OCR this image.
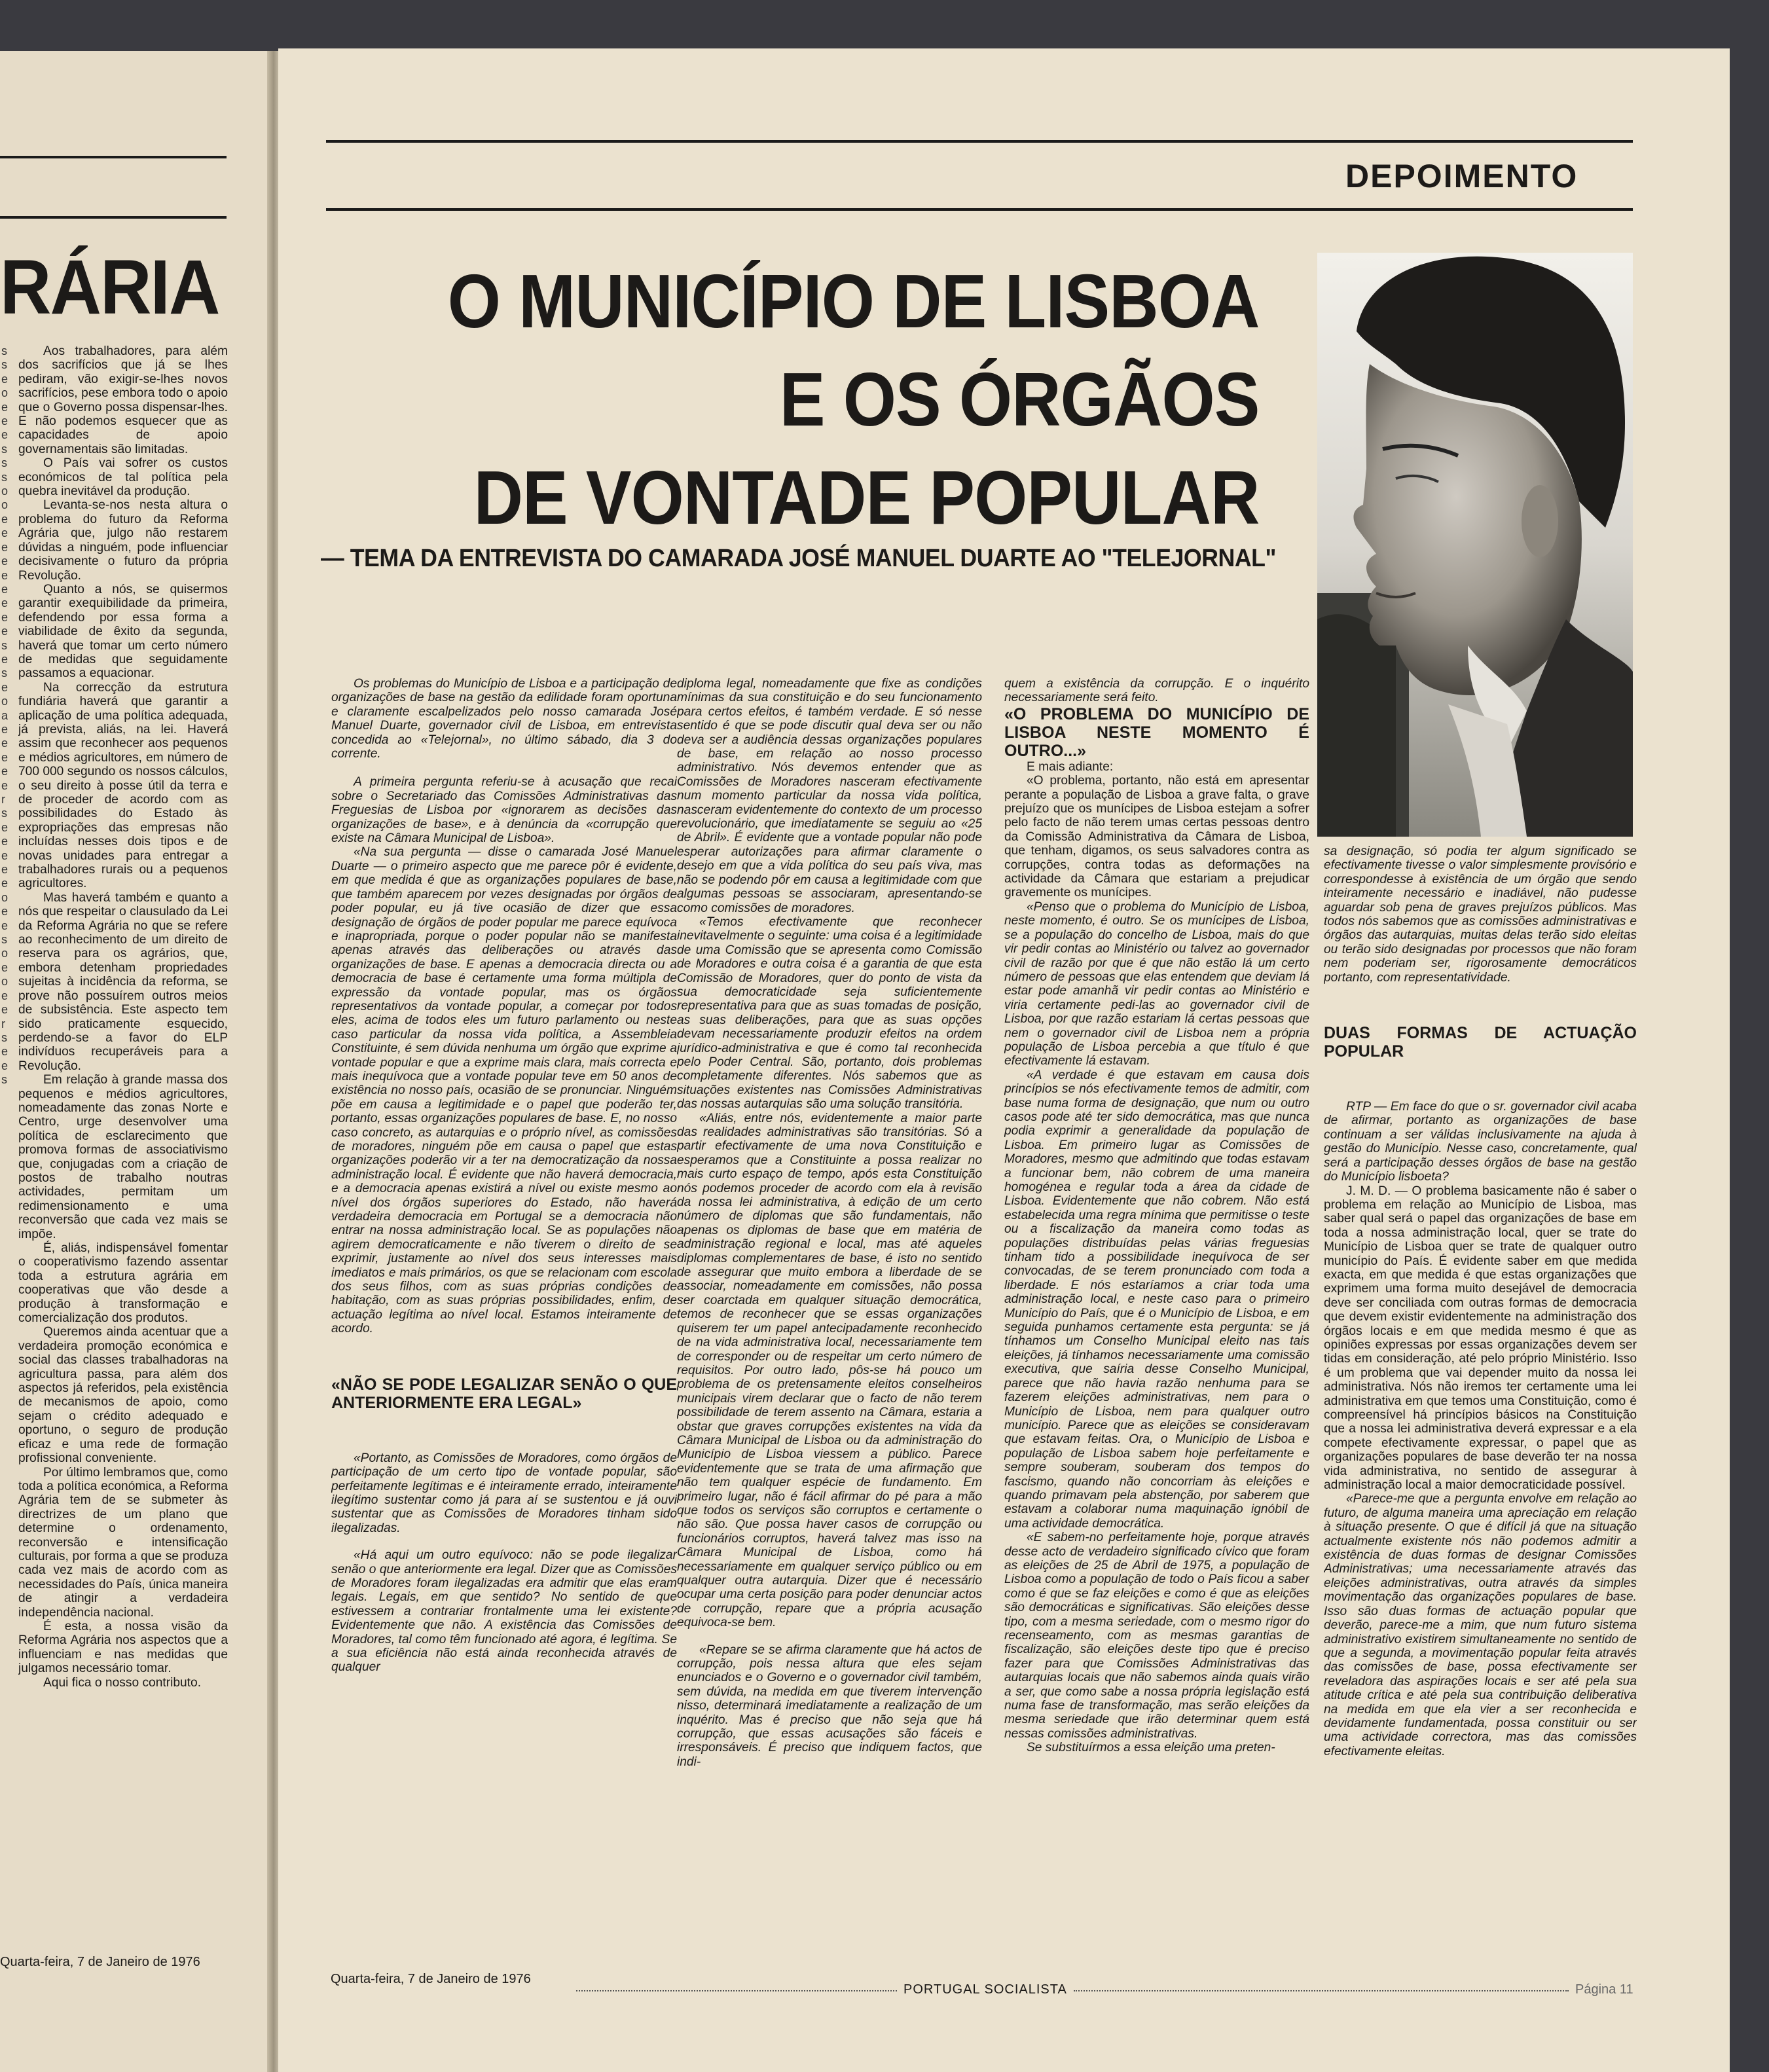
RÁRIA
s
s
e
o
e
e
e
s
s
s
o
o
e
e
e
e
e
e
e
e
e
s
e
s
e
o
a
e
e
e
e
e
r
s
e
e
e
e
e
o
e
e
s
o
e
o
e
e
r
s
e
e
s

Aos trabalhadores, para além dos sacrifícios que já se lhes pediram, vão exigir-se-lhes novos sacrifícios, pese embora todo o apoio que o Governo possa dispensar-lhes. E não podemos esquecer que as capacidades de apoio governamentais são limitadas.

O País vai sofrer os custos económicos de tal política pela quebra inevitável da produção.

Levanta-se-nos nesta altura o problema do futuro da Reforma Agrária que, julgo não restarem dúvidas a ninguém, pode influenciar decisivamente o futuro da própria Revolução.

Quanto a nós, se quisermos garantir exequibilidade da primeira, defendendo por essa forma a viabilidade de êxito da segunda, haverá que tomar um certo número de medidas que seguidamente passamos a equacionar.

Na correcção da estrutura fundiária haverá que garantir a aplicação de uma política adequada, já prevista, aliás, na lei. Haverá assim que reconhecer aos pequenos e médios agricultores, em número de 700 000 segundo os nossos cálculos, o seu direito à posse útil da terra e de proceder de acordo com as possibilidades do Estado às expropriações das empresas não incluídas nesses dois tipos e de novas unidades para entregar a trabalhadores rurais ou a pequenos agricultores.

Mas haverá também e quanto a nós que respeitar o clausulado da Lei da Reforma Agrária no que se refere ao reconhecimento de um direito de reserva para os agrários, que, embora detenham propriedades sujeitas à incidência da reforma, se prove não possuírem outros meios de subsistência. Este aspecto tem sido praticamente esquecido, perdendo-se a favor do ELP indivíduos recuperáveis para a Revolução.

Em relação à grande massa dos pequenos e médios agricultores, nomeadamente das zonas Norte e Centro, urge desenvolver uma política de esclarecimento que promova formas de associativismo que, conjugadas com a criação de postos de trabalho noutras actividades, permitam um redimensionamento e uma reconversão que cada vez mais se impõe.

É, aliás, indispensável fomentar o cooperativismo fazendo assentar toda a estrutura agrária em cooperativas que vão desde a produção à transformação e comercialização dos produtos.

Queremos ainda acentuar que a verdadeira promoção económica e social das classes trabalhadoras na agricultura passa, para além dos aspectos já referidos, pela existência de mecanismos de apoio, como sejam o crédito adequado e oportuno, o seguro de produção eficaz e uma rede de formação profissional conveniente.

Por último lembramos que, como toda a política económica, a Reforma Agrária tem de se submeter às directrizes de um plano que determine o ordenamento, reconversão e intensificação culturais, por forma a que se produza cada vez mais de acordo com as necessidades do País, única maneira de atingir a verdadeira independência nacional.

É esta, a nossa visão da Reforma Agrária nos aspectos que a influenciam e nas medidas que julgamos necessário tomar.

Aqui fica o nosso contributo.

Quarta-feira, 7 de Janeiro de 1976
DEPOIMENTO
O MUNICÍPIO DE LISBOA
E OS ÓRGÃOS
DE VONTADE POPULAR
— TEMA DA ENTREVISTA DO CAMARADA JOSÉ MANUEL DUARTE AO "TELEJORNAL"

Os problemas do Município de Lisboa e a participação de organizações de base na gestão da edilidade foram oportuna e claramente escalpelizados pelo nosso camarada José Manuel Duarte, governador civil de Lisboa, em entrevista concedida ao «Telejornal», no último sábado, dia 3 do corrente.

A primeira pergunta referiu-se à acusação que recai sobre o Secretariado das Comissões Administrativas das Freguesias de Lisboa por «ignorarem as decisões das organizações de base», e à denúncia da «corrupção que existe na Câmara Municipal de Lisboa».

«Na sua pergunta — disse o camarada José Manuel Duarte — o primeiro aspecto que me parece pôr é evidente, em que medida é que as organizações populares de base, que também aparecem por vezes designadas por órgãos de poder popular, eu já tive ocasião de dizer que essa designação de órgãos de poder popular me parece equívoca e inapropriada, porque o poder popular não se manifesta apenas através das deliberações ou através das organizações de base. E apenas a democracia directa ou a democracia de base é certamente uma forma múltipla de expressão da vontade popular, mas os órgãos representativos da vontade popular, a começar por todos eles, acima de todos eles um futuro parlamento ou neste caso particular da nossa vida política, a Assembleia Constituinte, é sem dúvida nenhuma um órgão que exprime a vontade popular e que a exprime mais clara, mais correcta e mais inequívoca que a vontade popular teve em 50 anos de existência no nosso país, ocasião de se pronunciar. Ninguém põe em causa a legitimidade e o papel que poderão ter, portanto, essas organizações populares de base. E, no nosso caso concreto, as autarquias e o próprio nível, as comissões de moradores, ninguém põe em causa o papel que estas organizações poderão vir a ter na democratização da nossa administração local. É evidente que não haverá democracia, e a democracia apenas existirá a nível ou existe mesmo ao nível dos órgãos superiores do Estado, não haverá verdadeira democracia em Portugal se a democracia não entrar na nossa administração local. Se as populações não agirem democraticamente e não tiverem o direito de se exprimir, justamente ao nível dos seus interesses mais imediatos e mais primários, os que se relacionam com escola dos seus filhos, com as suas próprias condições de habitação, com as suas próprias possibilidades, enfim, de actuação legítima ao nível local. Estamos inteiramente de acordo.

«NÃO SE PODE LEGALIZAR SENÃO O QUE ANTERIORMENTE ERA LEGAL»

«Portanto, as Comissões de Moradores, como órgãos de participação de um certo tipo de vontade popular, são perfeitamente legítimas e é inteiramente errado, inteiramente ilegítimo sustentar como já para aí se sustentou e já ouvi sustentar que as Comissões de Moradores tinham sido ilegalizadas.

«Há aqui um outro equívoco: não se pode ilegalizar senão o que anteriormente era legal. Dizer que as Comissões de Moradores foram ilegalizadas era admitir que elas eram legais. Legais, em que sentido? No sentido de que estivessem a contrariar frontalmente uma lei existente? Evidentemente que não. A existência das Comissões de Moradores, tal como têm funcionado até agora, é legítima. Se a sua eficiência não está ainda reconhecida através de qualquer

diploma legal, nomeadamente que fixe as condições mínimas da sua constituição e do seu funcionamento para certos efeitos, é também verdade. E só nesse sentido é que se pode discutir qual deva ser ou não deva ser a audiência dessas organizações populares de base, em relação ao nosso processo administrativo. Nós devemos entender que as Comissões de Moradores nasceram efectivamente num momento particular da nossa vida política, nasceram evidentemente do contexto de um processo revolucionário, que imediatamente se seguiu ao «25 de Abril». É evidente que a vontade popular não pode esperar autorizações para afirmar claramente o desejo em que a vida política do seu país viva, mas não se podendo pôr em causa a legitimidade com que algumas pessoas se associaram, apresentando-se como comissões de moradores.

«Temos efectivamente que reconhecer inevitavelmente o seguinte: uma coisa é a legitimidade de uma Comissão que se apresenta como Comissão de Moradores e outra coisa é a garantia de que esta Comissão de Moradores, quer do ponto de vista da sua democraticidade seja suficientemente representativa para que as suas tomadas de posição, as suas deliberações, para que as suas opções devam necessariamente produzir efeitos na ordem jurídico-administrativa e que é como tal reconhecida pelo Poder Central. São, portanto, dois problemas completamente diferentes. Nós sabemos que as situações existentes nas Comissões Administrativas das nossas autarquias são uma solução transitória.

«Aliás, entre nós, evidentemente a maior parte das realidades administrativas são transitórias. Só a partir efectivamente de uma nova Constituição e esperamos que a Constituinte a possa realizar no mais curto espaço de tempo, após esta Constituição nós podemos proceder de acordo com ela à revisão da nossa lei administrativa, à edição de um certo número de diplomas que são fundamentais, não apenas os diplomas de base que em matéria de administração regional e local, mas até aqueles diplomas complementares de base, é isto no sentido de assegurar que muito embora a liberdade de se associar, nomeadamente em comissões, não possa ser coarctada em qualquer situação democrática, temos de reconhecer que se essas organizações quiserem ter um papel antecipadamente reconhecido de na vida administrativa local, necessariamente tem de corresponder ou de respeitar um certo número de requisitos. Por outro lado, pôs-se há pouco um problema de os pretensamente eleitos conselheiros municipais virem declarar que o facto de não terem possibilidade de terem assento na Câmara, estaria a obstar que graves corrupções existentes na vida da Câmara Municipal de Lisboa ou da administração do Município de Lisboa viessem a público. Parece evidentemente que se trata de uma afirmação que não tem qualquer espécie de fundamento. Em primeiro lugar, não é fácil afirmar do pé para a mão que todos os serviços são corruptos e certamente o não são. Que possa haver casos de corrupção ou funcionários corruptos, haverá talvez mas isso na Câmara Municipal de Lisboa, como há necessariamente em qualquer serviço público ou em qualquer outra autarquia. Dizer que é necessário ocupar uma certa posição para poder denunciar actos de corrupção, repare que a própria acusação equivoca-se bem.

«Repare se se afirma claramente que há actos de corrupção, pois nessa altura que eles sejam enunciados e o Governo e o governador civil também, sem dúvida, na medida em que tiverem intervenção nisso, determinará imediatamente a realização de um inquérito. Mas é preciso que não seja que há corrupção, que essas acusações são fáceis e irresponsáveis. É preciso que indiquem factos, que indi-

quem a existência da corrupção. E o inquérito necessariamente será feito.

«O PROBLEMA DO MUNICÍPIO DE LISBOA NESTE MOMENTO É OUTRO...»

E mais adiante:

«O problema, portanto, não está em apresentar perante a população de Lisboa a grave falta, o grave prejuízo que os munícipes de Lisboa estejam a sofrer pelo facto de não terem umas certas pessoas dentro da Comissão Administrativa da Câmara de Lisboa, que tenham, digamos, os seus salvadores contra as corrupções, contra todas as deformações na actividade da Câmara que estariam a prejudicar gravemente os munícipes.

«Penso que o problema do Município de Lisboa, neste momento, é outro. Se os munícipes de Lisboa, se a população do concelho de Lisboa, mais do que vir pedir contas ao Ministério ou talvez ao governador civil de razão por que é que não estão lá um certo número de pessoas que elas entendem que deviam lá estar pode amanhã vir pedir contas ao Ministério e viria certamente pedi-las ao governador civil de Lisboa, por que razão estariam lá certas pessoas que nem o governador civil de Lisboa nem a própria população de Lisboa percebia a que título é que efectivamente lá estavam.

«A verdade é que estavam em causa dois princípios se nós efectivamente temos de admitir, com base numa forma de designação, que num ou outro casos pode até ter sido democrática, mas que nunca podia exprimir a generalidade da população de Lisboa. Em primeiro lugar as Comissões de Moradores, mesmo que admitindo que todas estavam a funcionar bem, não cobrem de uma maneira homogénea e regular toda a área da cidade de Lisboa. Evidentemente que não cobrem. Não está estabelecida uma regra mínima que permitisse o teste ou a fiscalização da maneira como todas as populações distribuídas pelas várias freguesias tinham tido a possibilidade inequívoca de ser convocadas, de se terem pronunciado com toda a liberdade. E nós estaríamos a criar toda uma administração local, e neste caso para o primeiro Município do País, que é o Município de Lisboa, e em seguida punhamos certamente esta pergunta: se já tínhamos um Conselho Municipal eleito nas tais eleições, já tínhamos necessariamente uma comissão executiva, que saíria desse Conselho Municipal, parece que não havia razão nenhuma para se fazerem eleições administrativas, nem para o Município de Lisboa, nem para qualquer outro município. Parece que as eleições se consideravam que estavam feitas. Ora, o Município de Lisboa e população de Lisboa sabem hoje perfeitamente e sempre souberam, souberam dos tempos do fascismo, quando não concorriam às eleições e quando primavam pela abstenção, por saberem que estavam a colaborar numa maquinação ignóbil de uma actividade democrática.

«E sabem-no perfeitamente hoje, porque através desse acto de verdadeiro significado cívico que foram as eleições de 25 de Abril de 1975, a população de Lisboa como a população de todo o País ficou a saber como é que se faz eleições e como é que as eleições são democráticas e significativas. São eleições desse tipo, com a mesma seriedade, com o mesmo rigor do recenseamento, com as mesmas garantias de fiscalização, são eleições deste tipo que é preciso fazer para que Comissões Administrativas das autarquias locais que não sabemos ainda quais virão a ser, que como sabe a nossa própria legislação está numa fase de transformação, mas serão eleições da mesma seriedade que irão determinar quem está nessas comissões administrativas.

Se substituírmos a essa eleição uma preten-

sa designação, só podia ter algum significado se efectivamente tivesse o valor simplesmente provisório e correspondesse à existência de um órgão que sendo inteiramente necessário e inadiável, não pudesse aguardar sob pena de graves prejuízos públicos. Mas todos nós sabemos que as comissões administrativas e órgãos das autarquias, muitas delas terão sido eleitas ou terão sido designadas por processos que não foram nem poderiam ser, rigorosamente democráticos portanto, com representatividade.

DUAS FORMAS DE ACTUAÇÃO POPULAR

RTP — Em face do que o sr. governador civil acaba de afirmar, portanto as organizações de base continuam a ser válidas inclusivamente na ajuda à gestão do Município. Nesse caso, concretamente, qual será a participação desses órgãos de base na gestão do Município lisboeta?

J. M. D. — O problema basicamente não é saber o problema em relação ao Município de Lisboa, mas saber qual será o papel das organizações de base em toda a nossa administração local, quer se trate do Município de Lisboa quer se trate de qualquer outro município do País. É evidente saber em que medida exacta, em que medida é que estas organizações que exprimem uma forma muito desejável de democracia deve ser conciliada com outras formas de democracia que devem existir evidentemente na administração dos órgãos locais e em que medida mesmo é que as opiniões expressas por essas organizações devem ser tidas em consideração, até pelo próprio Ministério. Isso é um problema que vai depender muito da nossa lei administrativa. Nós não iremos ter certamente uma lei administrativa em que temos uma Constituição, como é compreensível há princípios básicos na Constituição que a nossa lei administrativa deverá expressar e a ela compete efectivamente expressar, o papel que as organizações populares de base deverão ter na nossa vida administrativa, no sentido de assegurar à administração local a maior democraticidade possível.

«Parece-me que a pergunta envolve em relação ao futuro, de alguma maneira uma apreciação em relação à situação presente. O que é difícil já que na situação actualmente existente nós não podemos admitir a existência de duas formas de designar Comissões Administrativas; uma necessariamente através das eleições administrativas, outra através da simples movimentação das organizações populares de base. Isso são duas formas de actuação popular que deverão, parece-me a mim, que num futuro sistema administrativo existirem simultaneamente no sentido de que a segunda, a movimentação popular feita através das comissões de base, possa efectivamente ser reveladora das aspirações locais e ser até pela sua atitude crítica e até pela sua contribuição deliberativa na medida em que ela vier a ser reconhecida e devidamente fundamentada, possa constituir ou ser uma actividade correctora, mas das comissões efectivamente eleitas.

Quarta-feira, 7 de Janeiro de 1976
PORTUGAL SOCIALISTA	Página 11
